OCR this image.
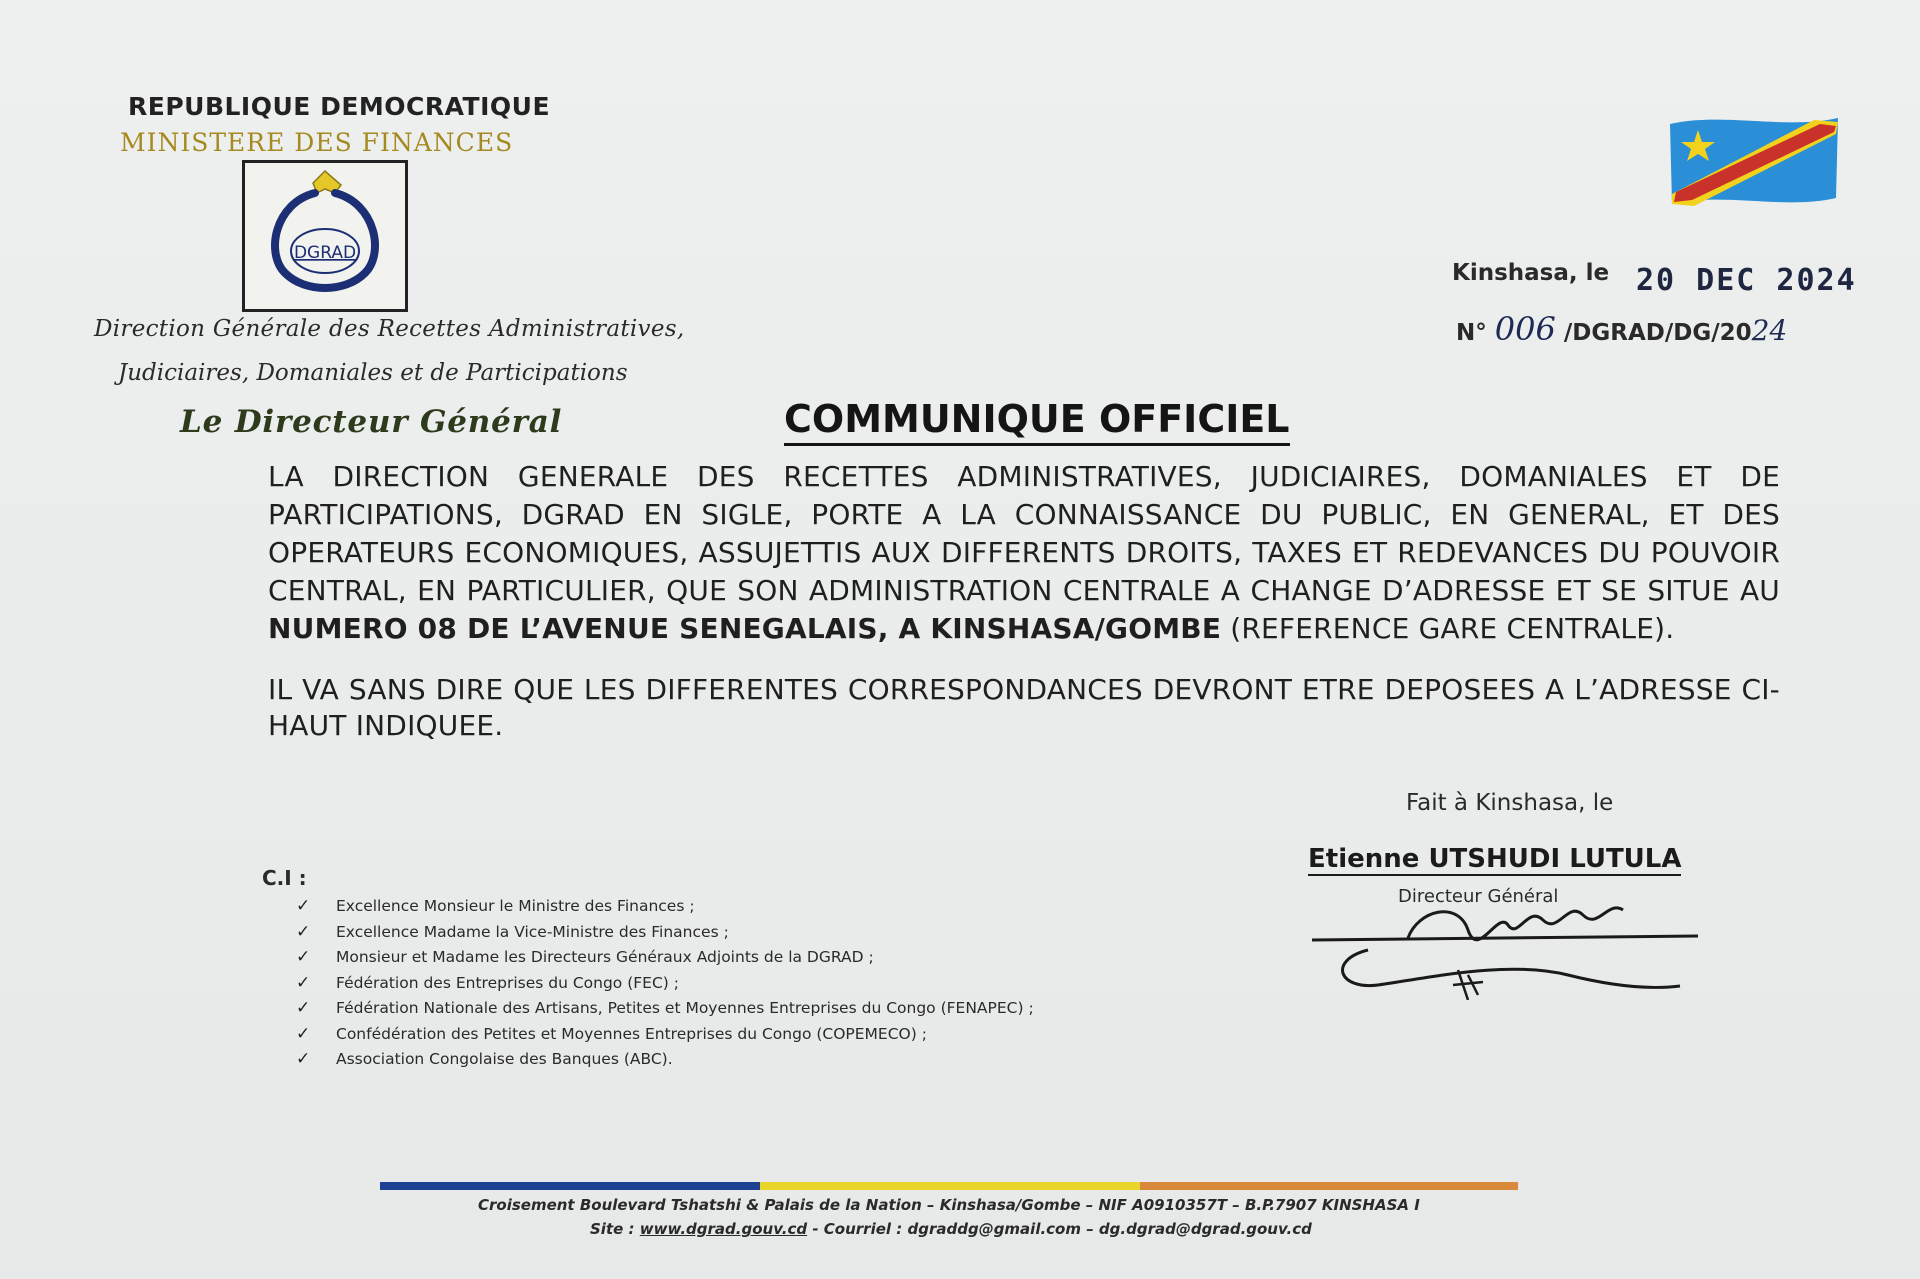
REPUBLIQUE DEMOCRATIQUE
MINISTERE DES FINANCES
DGRAD
Direction Générale des Recettes Administratives,
Judiciaires, Domaniales et de Participations
Le Directeur Général
Kinshasa, le 20 DEC 2024
N° 006 /DGRAD/DG/2024
COMMUNIQUE OFFICIEL
LA DIRECTION GENERALE DES RECETTES ADMINISTRATIVES, JUDICIAIRES, DOMANIALES ET DE PARTICIPATIONS, DGRAD EN SIGLE, PORTE A LA CONNAISSANCE DU PUBLIC, EN GENERAL, ET DES OPERATEURS ECONOMIQUES, ASSUJETTIS AUX DIFFERENTS DROITS, TAXES ET REDEVANCES DU POUVOIR CENTRAL, EN PARTICULIER, QUE SON ADMINISTRATION CENTRALE A CHANGE D’ADRESSE ET SE SITUE AU NUMERO 08 DE L’AVENUE SENEGALAIS, A KINSHASA/GOMBE (REFERENCE GARE CENTRALE).
IL VA SANS DIRE QUE LES DIFFERENTES CORRESPONDANCES DEVRONT ETRE DEPOSEES A L’ADRESSE CI-HAUT INDIQUEE.
Fait à Kinshasa, le
Etienne UTSHUDI LUTULA
Directeur Général
C.I :
✓ Excellence Monsieur le Ministre des Finances ;
✓ Excellence Madame la Vice-Ministre des Finances ;
✓ Monsieur et Madame les Directeurs Généraux Adjoints de la DGRAD ;
✓ Fédération des Entreprises du Congo (FEC) ;
✓ Fédération Nationale des Artisans, Petites et Moyennes Entreprises du Congo (FENAPEC) ;
✓ Confédération des Petites et Moyennes Entreprises du Congo (COPEMECO) ;
✓ Association Congolaise des Banques (ABC).
Croisement Boulevard Tshatshi & Palais de la Nation – Kinshasa/Gombe – NIF A0910357T – B.P.7907 KINSHASA I
Site : www.dgrad.gouv.cd - Courriel : dgraddg@gmail.com – dg.dgrad@dgrad.gouv.cd
